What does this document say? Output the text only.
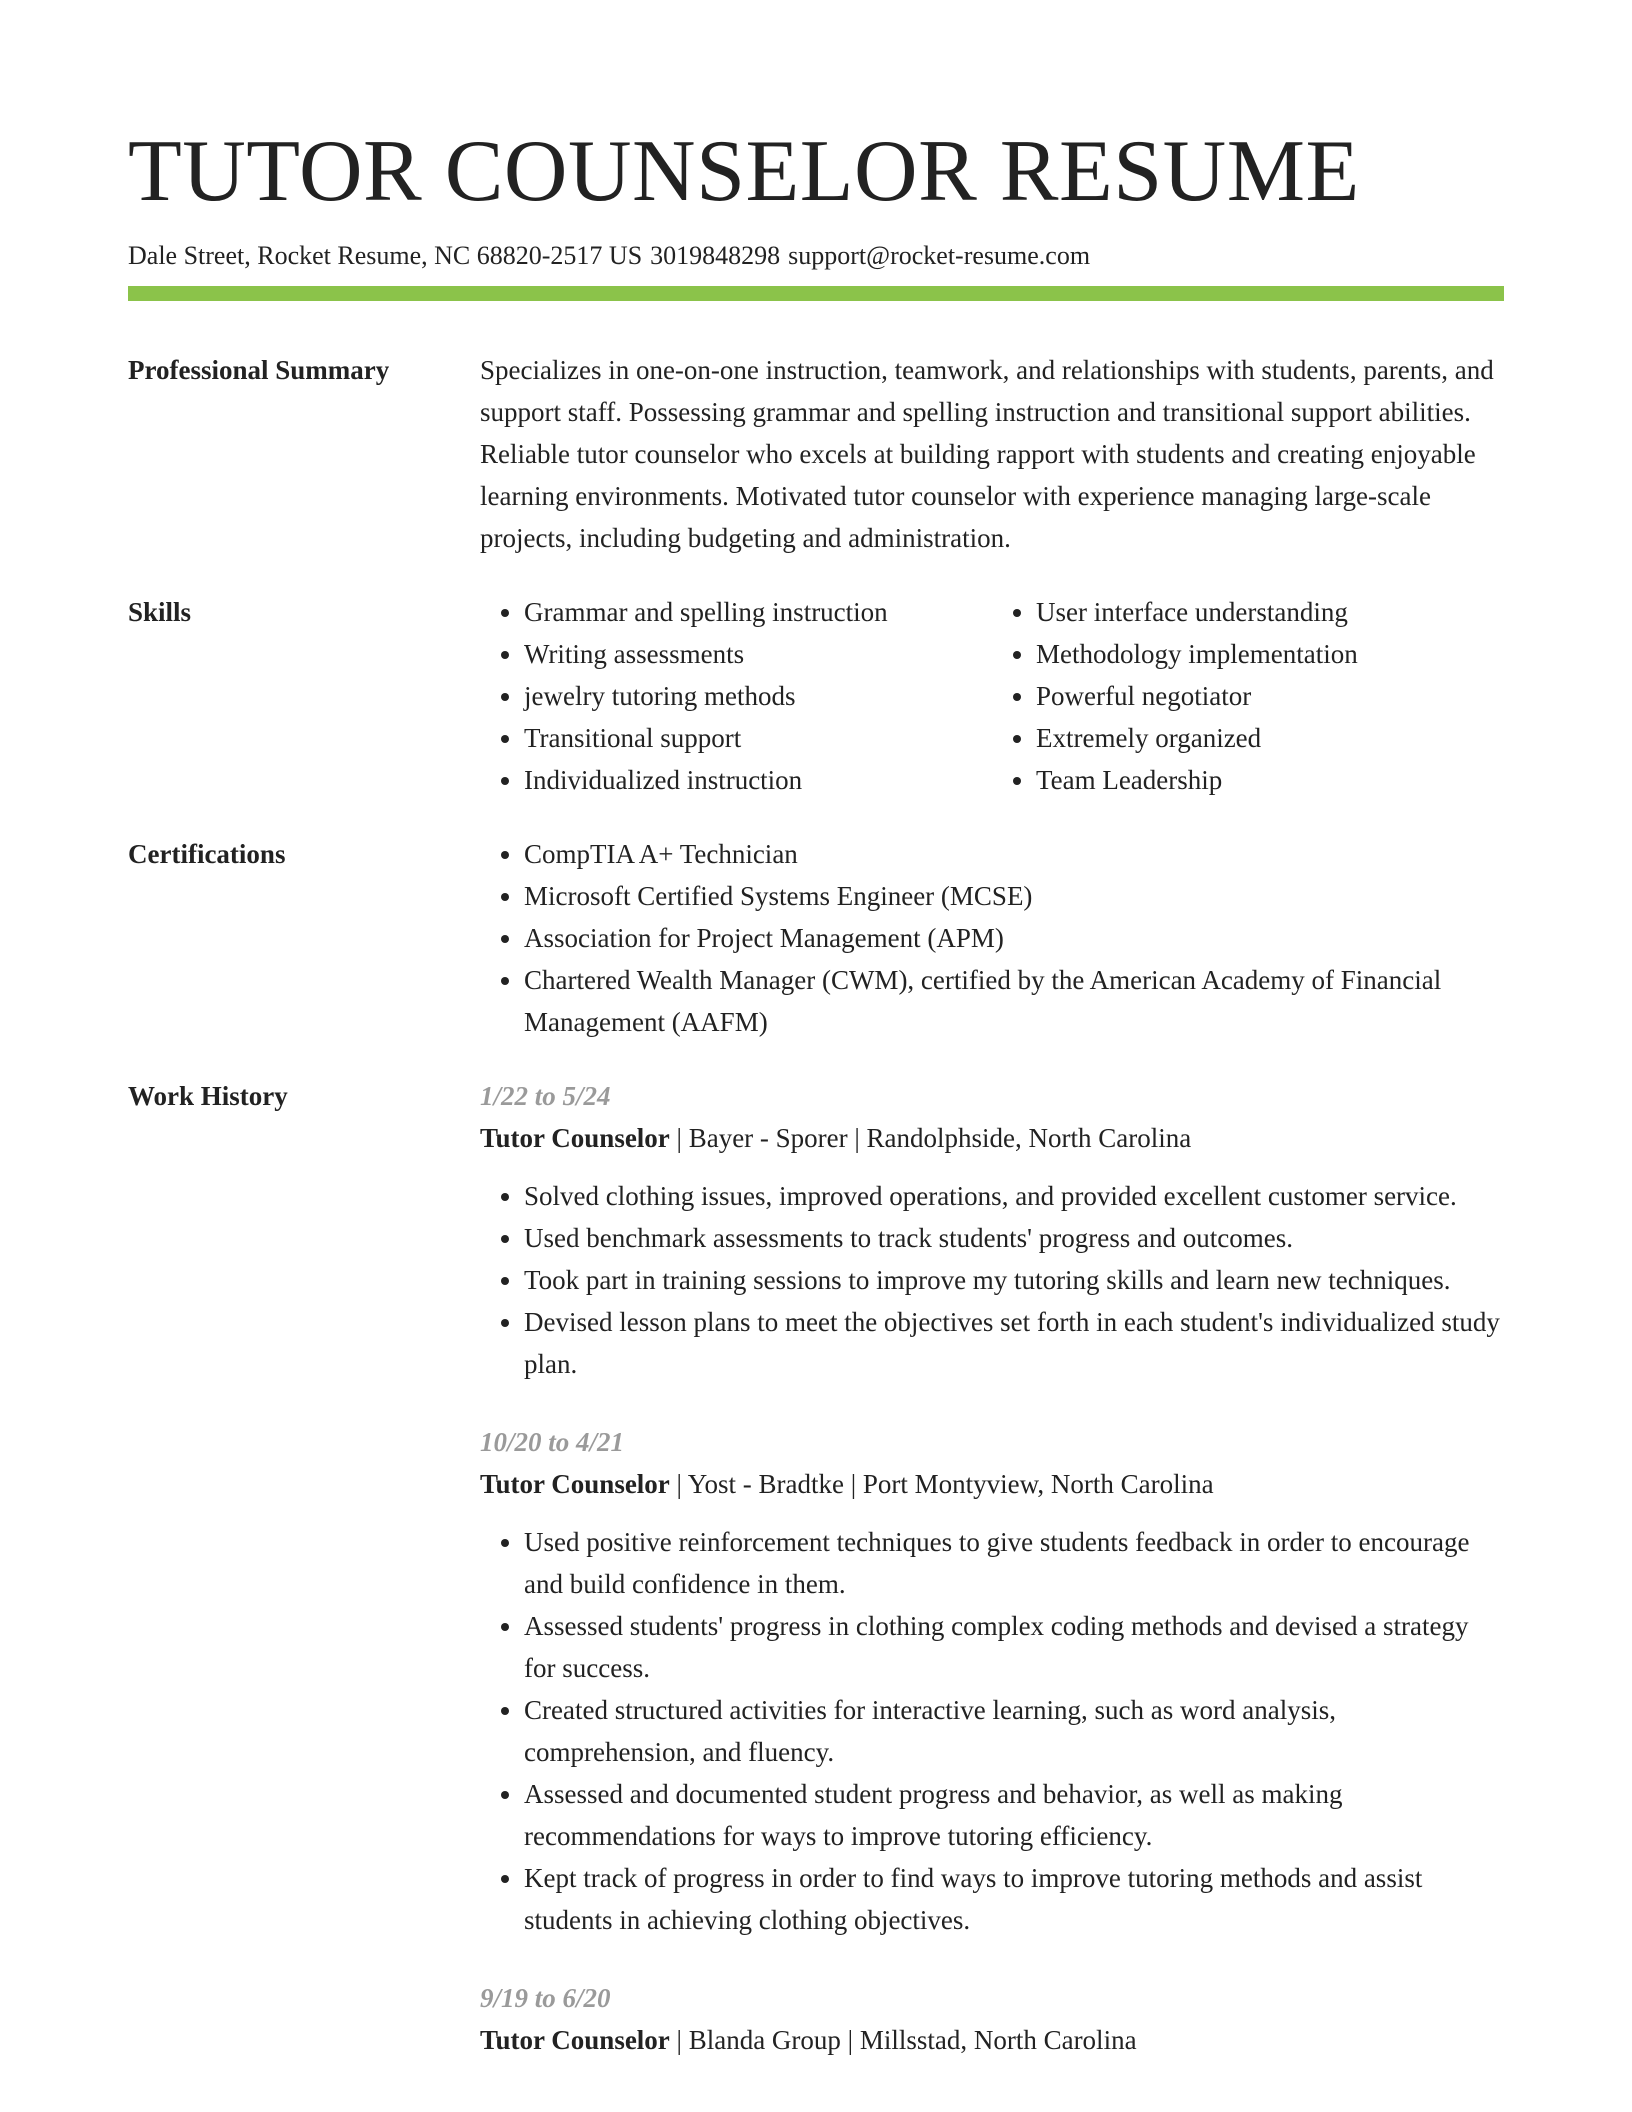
TUTOR COUNSELOR RESUME
Dale Street, Rocket Resume, NC 68820-2517 US 3019848298 support@rocket-resume.com
Professional Summary	Specializes in one-on-one instruction, teamwork, and relationships with students, parents, and support staff. Possessing grammar and spelling instruction and transitional support abilities. Reliable tutor counselor who excels at building rapport with students and creating enjoyable learning environments. Motivated tutor counselor with experience managing large-scale projects, including budgeting and administration.

Skills	• Grammar and spelling instruction
• Writing assessments
• jewelry tutoring methods
• Transitional support
• Individualized instruction
• User interface understanding
• Methodology implementation
• Powerful negotiator
• Extremely organized
• Team Leadership
Certifications	• CompTIA A+ Technician
• Microsoft Certified Systems Engineer (MCSE)
• Association for Project Management (APM)
• Chartered Wealth Manager (CWM), certified by the American Academy of Financial Management (AAFM)
Work History	1/22 to 5/24
Tutor Counselor | Bayer - Sporer | Randolphside, North Carolina
• Solved clothing issues, improved operations, and provided excellent customer service.
• Used benchmark assessments to track students' progress and outcomes.
• Took part in training sessions to improve my tutoring skills and learn new techniques.
• Devised lesson plans to meet the objectives set forth in each student's individualized study plan.
10/20 to 4/21
Tutor Counselor | Yost - Bradtke | Port Montyview, North Carolina
• Used positive reinforcement techniques to give students feedback in order to encourage and build confidence in them.
• Assessed students' progress in clothing complex coding methods and devised a strategy for success.
• Created structured activities for interactive learning, such as word analysis, comprehension, and fluency.
• Assessed and documented student progress and behavior, as well as making recommendations for ways to improve tutoring efficiency.
• Kept track of progress in order to find ways to improve tutoring methods and assist students in achieving clothing objectives.
9/19 to 6/20
Tutor Counselor | Blanda Group | Millsstad, North Carolina
